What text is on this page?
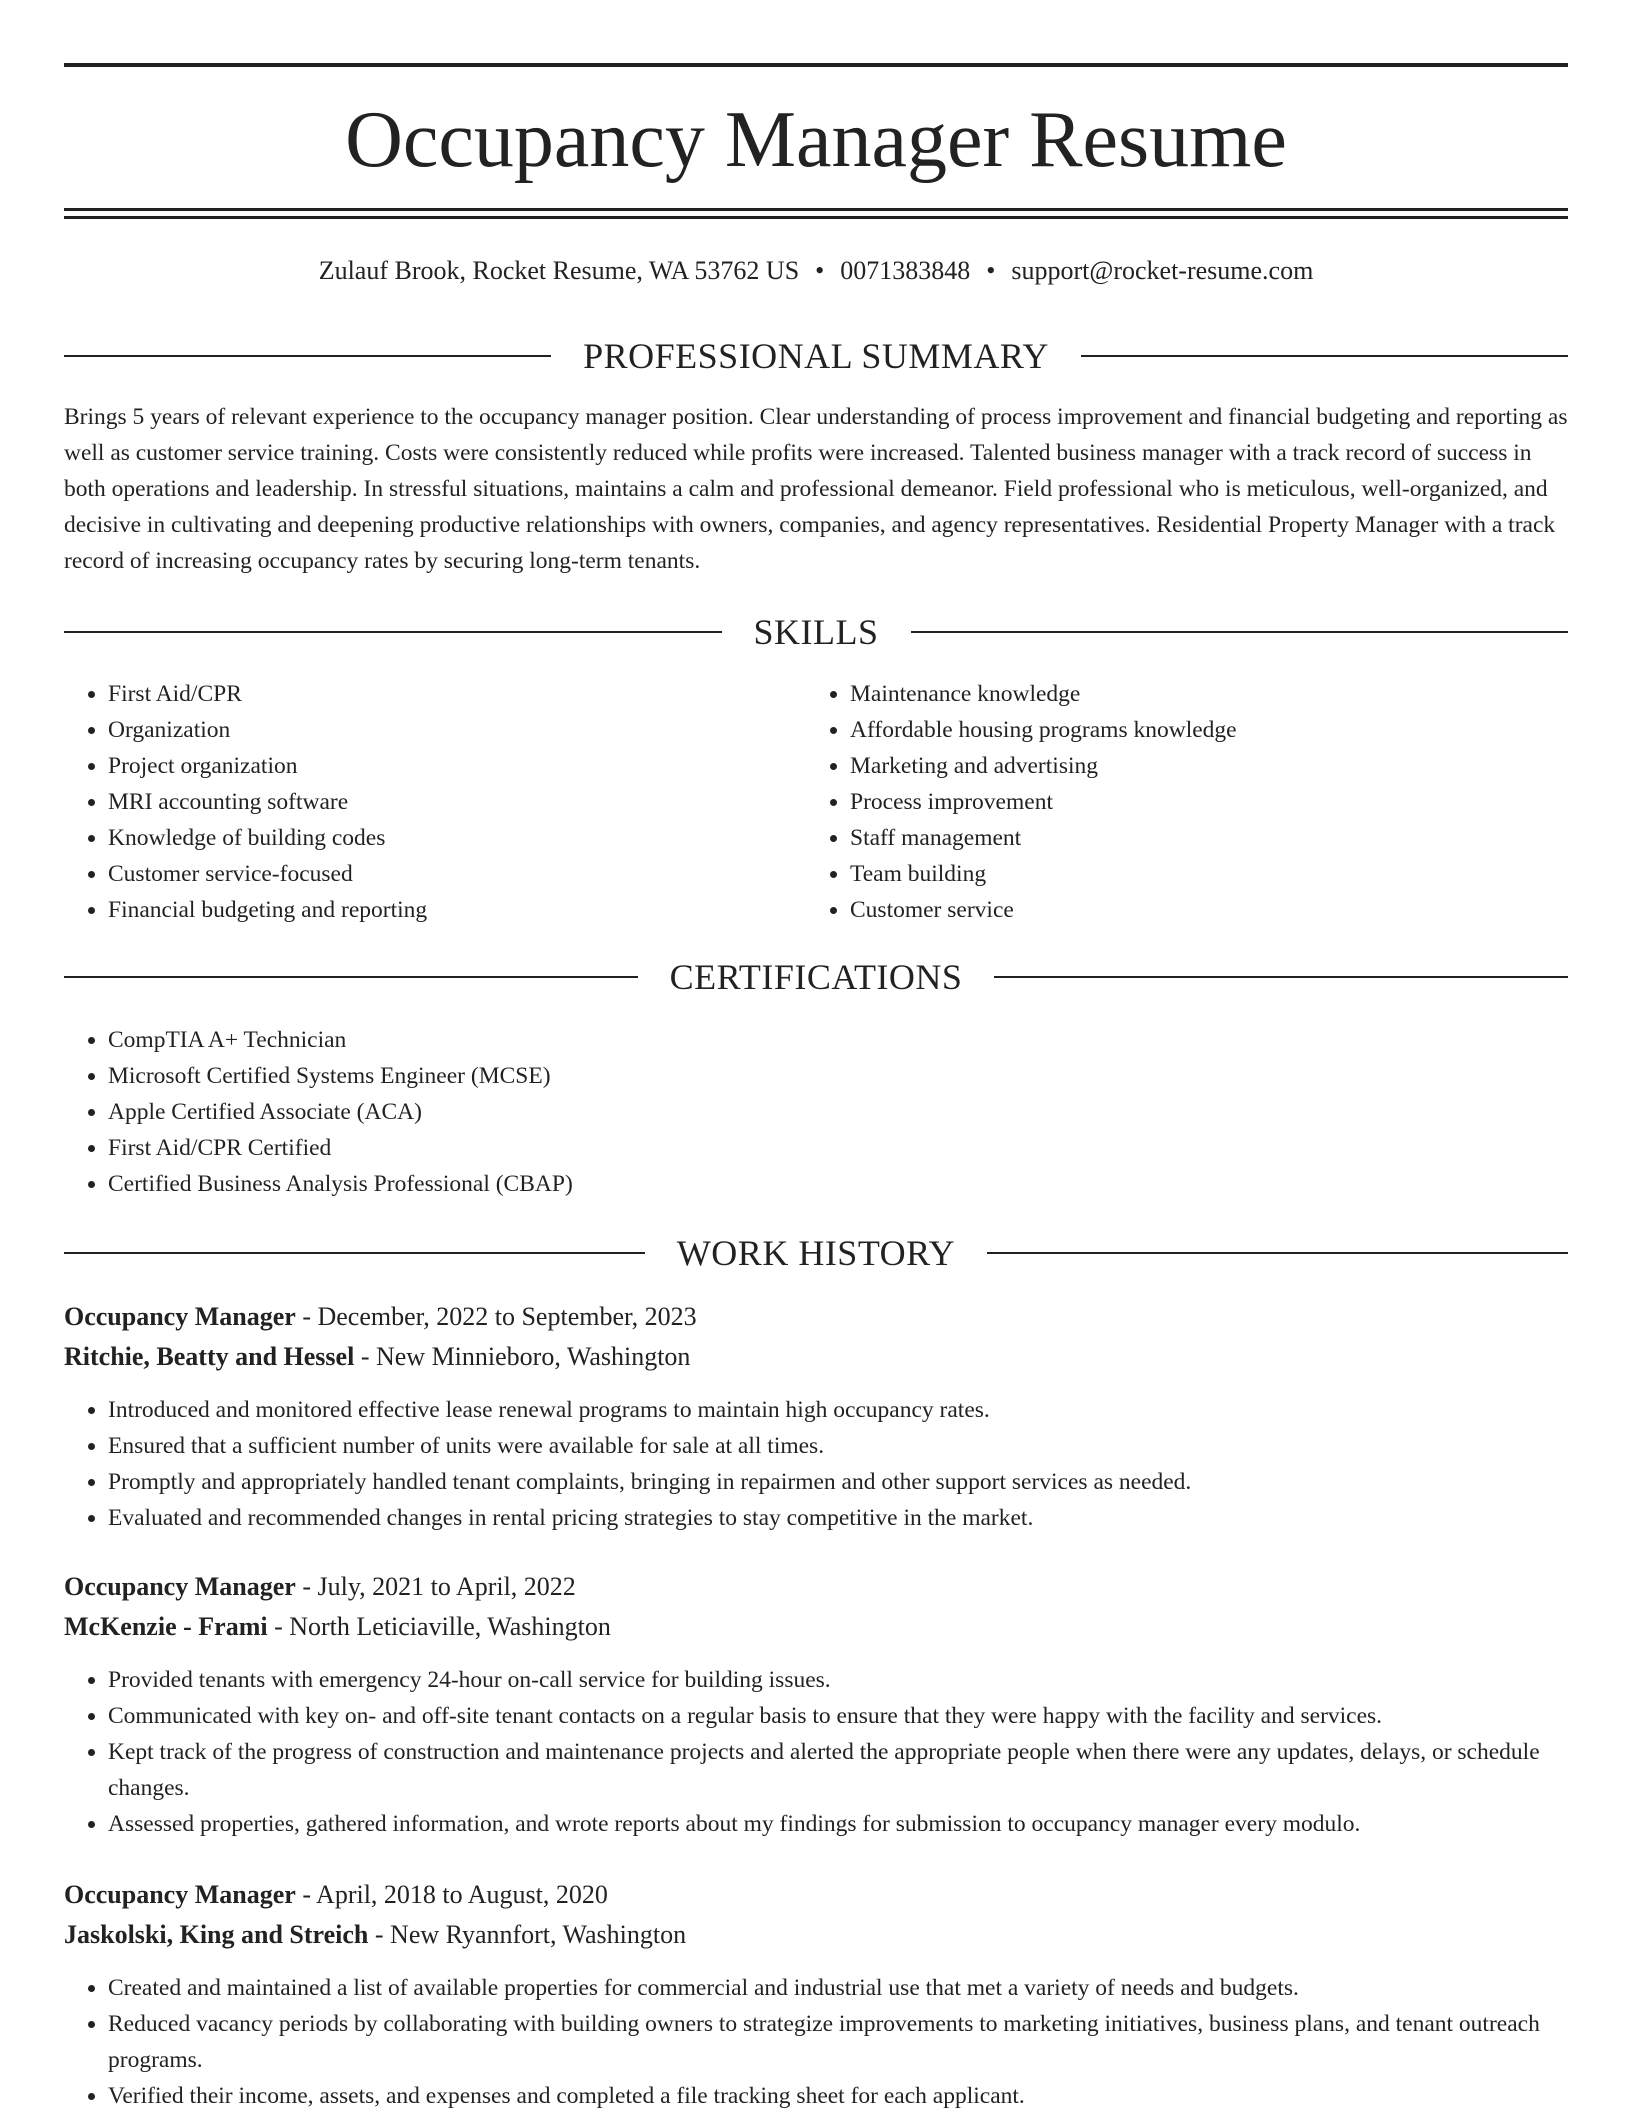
Occupancy Manager Resume
Zulauf Brook, Rocket Resume, WA 53762 US • 0071383848 • support@rocket-resume.com
PROFESSIONAL SUMMARY

Brings 5 years of relevant experience to the occupancy manager position. Clear understanding of process improvement and financial budgeting and reporting as well as customer service training. Costs were consistently reduced while profits were increased. Talented business manager with a track record of success in both operations and leadership. In stressful situations, maintains a calm and professional demeanor. Field professional who is meticulous, well-organized, and decisive in cultivating and deepening productive relationships with owners, companies, and agency representatives. Residential Property Manager with a track record of increasing occupancy rates by securing long-term tenants.

SKILLS
• First Aid/CPR
• Organization
• Project organization
• MRI accounting software
• Knowledge of building codes
• Customer service-focused
• Financial budgeting and reporting
• Maintenance knowledge
• Affordable housing programs knowledge
• Marketing and advertising
• Process improvement
• Staff management
• Team building
• Customer service
CERTIFICATIONS
• CompTIA A+ Technician
• Microsoft Certified Systems Engineer (MCSE)
• Apple Certified Associate (ACA)
• First Aid/CPR Certified
• Certified Business Analysis Professional (CBAP)
WORK HISTORY
Occupancy Manager - December, 2022 to September, 2023
Ritchie, Beatty and Hessel - New Minnieboro, Washington
• Introduced and monitored effective lease renewal programs to maintain high occupancy rates.
• Ensured that a sufficient number of units were available for sale at all times.
• Promptly and appropriately handled tenant complaints, bringing in repairmen and other support services as needed.
• Evaluated and recommended changes in rental pricing strategies to stay competitive in the market.
Occupancy Manager - July, 2021 to April, 2022
McKenzie - Frami - North Leticiaville, Washington
• Provided tenants with emergency 24-hour on-call service for building issues.
• Communicated with key on- and off-site tenant contacts on a regular basis to ensure that they were happy with the facility and services.
• Kept track of the progress of construction and maintenance projects and alerted the appropriate people when there were any updates, delays, or schedule changes.
• Assessed properties, gathered information, and wrote reports about my findings for submission to occupancy manager every modulo.
Occupancy Manager - April, 2018 to August, 2020
Jaskolski, King and Streich - New Ryannfort, Washington
• Created and maintained a list of available properties for commercial and industrial use that met a variety of needs and budgets.
• Reduced vacancy periods by collaborating with building owners to strategize improvements to marketing initiatives, business plans, and tenant outreach programs.
• Verified their income, assets, and expenses and completed a file tracking sheet for each applicant.
